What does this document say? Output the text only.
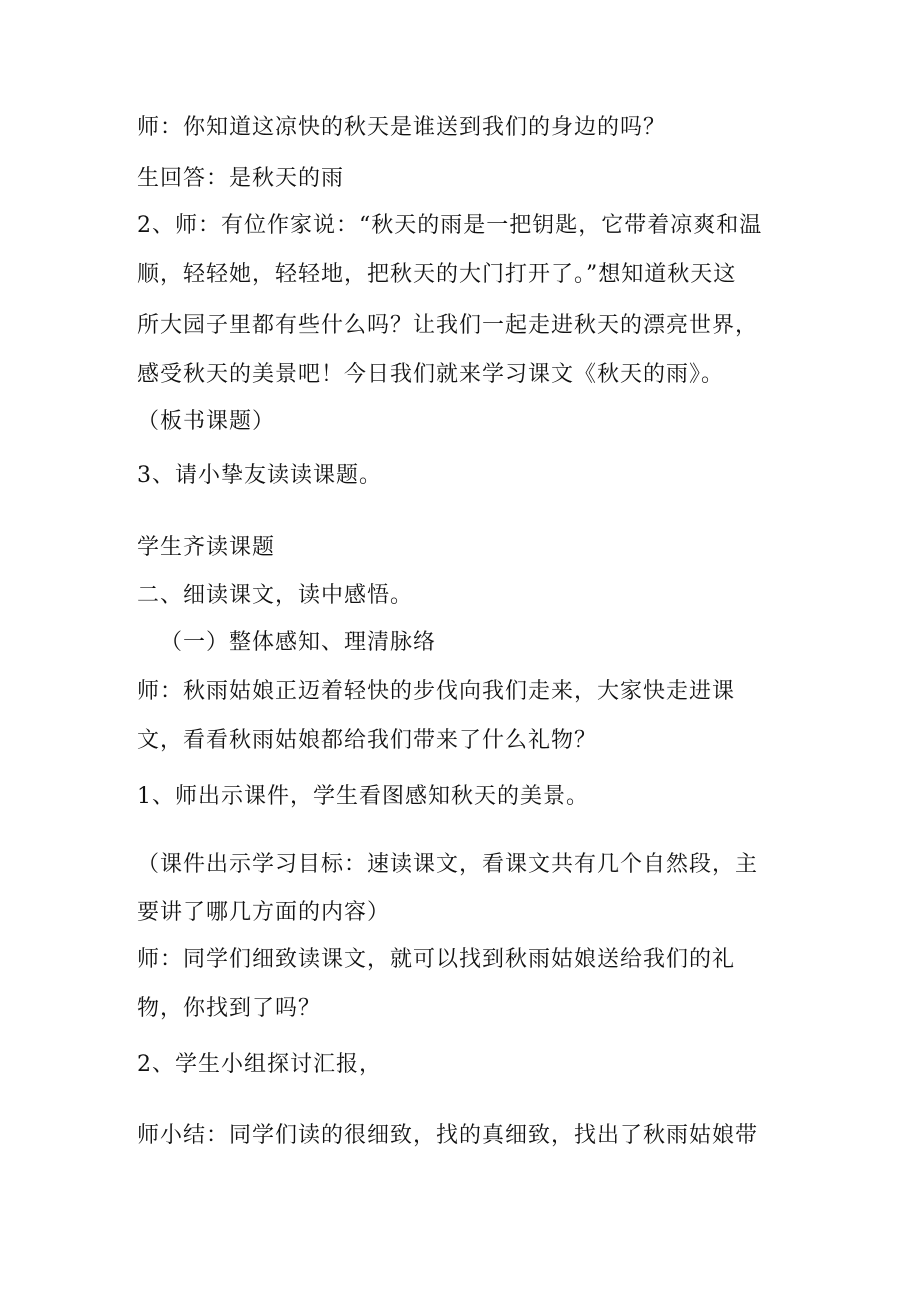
师：你知道这凉快的秋天是谁送到我们的身边的吗？
生回答：是秋天的雨
2、师：有位作家说：“秋天的雨是一把钥匙，它带着凉爽和温
顺，轻轻她，轻轻地，把秋天的大门打开了。”想知道秋天这
所大园子里都有些什么吗？让我们一起走进秋天的漂亮世界，
感受秋天的美景吧！今日我们就来学习课文《秋天的雨》。
（板书课题）
3、请小挚友读读课题。
学生齐读课题
二、细读课文，读中感悟。
（一）整体感知、理清脉络
师：秋雨姑娘正迈着轻快的步伐向我们走来，大家快走进课
文，看看秋雨姑娘都给我们带来了什么礼物？
1、师出示课件，学生看图感知秋天的美景。
（课件出示学习目标：速读课文，看课文共有几个自然段，主
要讲了哪几方面的内容）
师：同学们细致读课文，就可以找到秋雨姑娘送给我们的礼
物，你找到了吗？
2、学生小组探讨汇报，
师小结：同学们读的很细致，找的真细致，找出了秋雨姑娘带
